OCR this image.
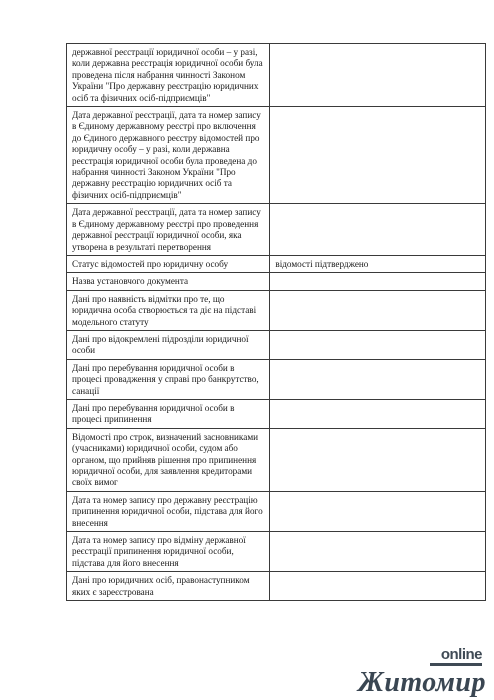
державної реєстрації юридичної особи – у разі, коли державна реєстрація юридичної особи була проведена після набрання чинності Законом України "Про державну реєстрацію юридичних осіб та фізичних осіб-підприємців"	
Дата державної реєстрації, дата та номер запису в Єдиному державному реєстрі про включення до Єдиного державного реєстру відомостей про юридичну особу – у разі, коли державна реєстрація юридичної особи була проведена до набрання чинності Законом України "Про державну реєстрацію юридичних осіб та фізичних осіб-підприємців"	
Дата державної реєстрації, дата та номер запису в Єдиному державному реєстрі про проведення державної реєстрації юридичної особи, яка утворена в результаті перетворення	
Статус відомостей про юридичну особу	відомості підтверджено
Назва установчого документа	
Дані про наявність відмітки про те, що юридична особа створюється та діє на підставі модельного статуту	
Дані про відокремлені підрозділи юридичної особи	
Дані про перебування юридичної особи в процесі провадження у справі про банкрутство, санації	
Дані про перебування юридичної особи в процесі припинення	
Відомості про строк, визначений засновниками (учасниками) юридичної особи, судом або органом, що прийняв рішення про припинення юридичної особи, для заявлення кредиторами своїх вимог	
Дата та номер запису про державну реєстрацію припинення юридичної особи, підстава для його внесення	
Дата та номер запису про відміну державної реєстрації припинення юридичної особи, підстава для його внесення	
Дані про юридичних осіб, правонаступником яких є зареєстрована	
online
Житомир
